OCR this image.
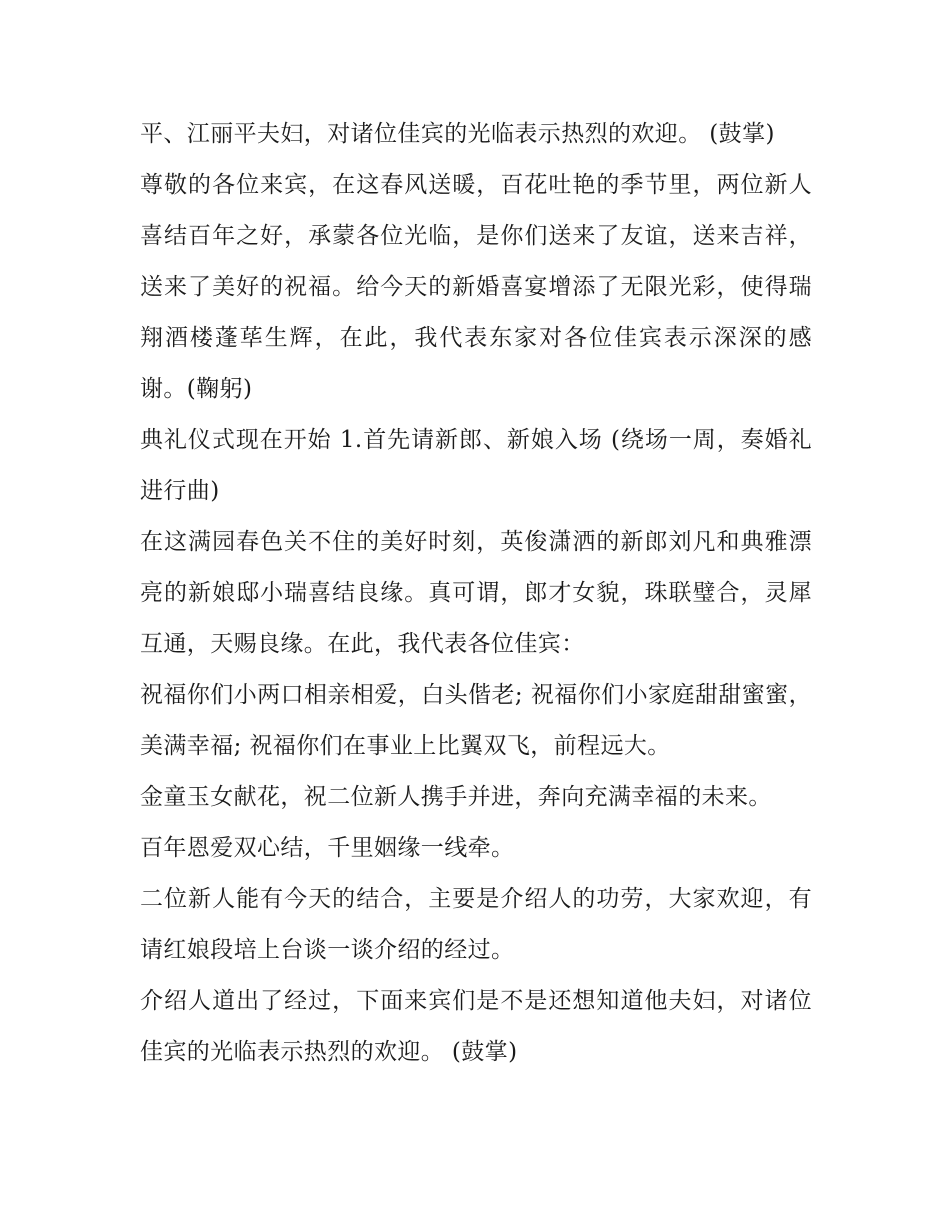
平、江丽平夫妇，对诸位佳宾的光临表示热烈的欢迎。 (鼓掌)

尊敬的各位来宾，在这春风送暖，百花吐艳的季节里，两位新人喜结百年之好，承蒙各位光临，是你们送来了友谊，送来吉祥，送来了美好的祝福。给今天的新婚喜宴增添了无限光彩，使得瑞翔酒楼蓬荜生辉，在此，我代表东家对各位佳宾表示深深的感谢。(鞠躬)

典礼仪式现在开始 1.首先请新郎、新娘入场 (绕场一周，奏婚礼进行曲)

在这满园春色关不住的美好时刻，英俊潇洒的新郎刘凡和典雅漂亮的新娘邸小瑞喜结良缘。真可谓，郎才女貌，珠联璧合，灵犀互通，天赐良缘。在此，我代表各位佳宾：

祝福你们小两口相亲相爱，白头偕老; 祝福你们小家庭甜甜蜜蜜，美满幸福; 祝福你们在事业上比翼双飞，前程远大。

金童玉女献花，祝二位新人携手并进，奔向充满幸福的未来。

百年恩爱双心结，千里姻缘一线牵。

二位新人能有今天的结合，主要是介绍人的功劳，大家欢迎，有请红娘段培上台谈一谈介绍的经过。

介绍人道出了经过，下面来宾们是不是还想知道他夫妇，对诸位佳宾的光临表示热烈的欢迎。 (鼓掌)
